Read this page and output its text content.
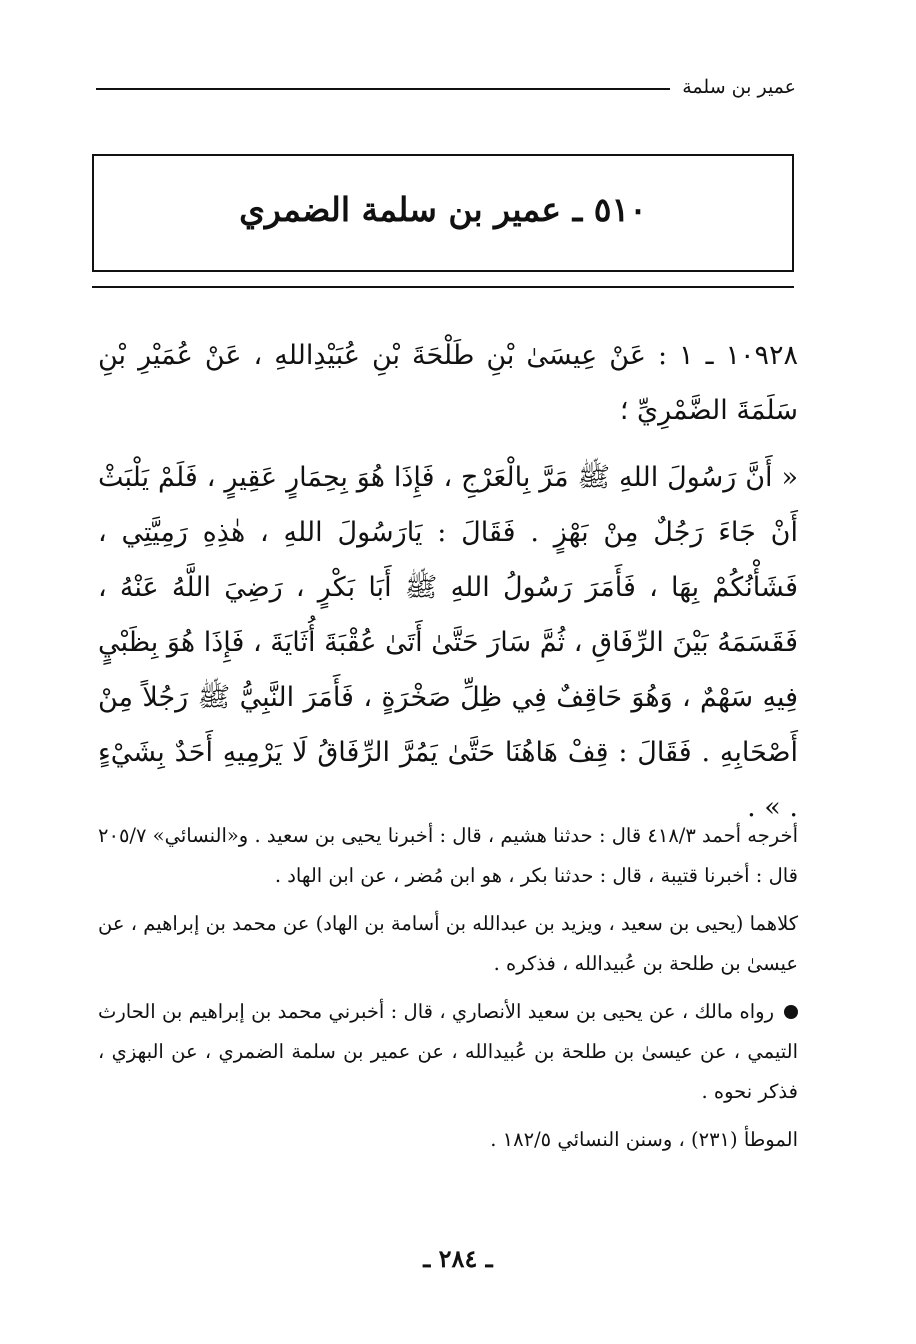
عمير بن سلمة
٥١٠ ـ عمير بن سلمة الضمري

١٠٩٢٨ ـ ١ : عَنْ عِيسَىٰ بْنِ طَلْحَةَ بْنِ عُبَيْدِاللهِ ، عَنْ عُمَيْرِ بْنِ سَلَمَةَ الضَّمْرِيِّ ؛

« أَنَّ رَسُولَ اللهِ ﷺ مَرَّ بِالْعَرْجِ ، فَإِذَا هُوَ بِحِمَارٍ عَقِيرٍ ، فَلَمْ يَلْبَثْ أَنْ جَاءَ رَجُلٌ مِنْ بَهْزٍ . فَقَالَ : يَارَسُولَ اللهِ ، هٰذِهِ رَمِيَّتِي ، فَشَأْنُكُمْ بِهَا ، فَأَمَرَ رَسُولُ اللهِ ﷺ أَبَا بَكْرٍ ، رَضِيَ اللَّهُ عَنْهُ ، فَقَسَمَهُ بَيْنَ الرِّفَاقِ ، ثُمَّ سَارَ حَتَّىٰ أَتَىٰ عُقْبَةَ أُثَايَةَ ، فَإِذَا هُوَ بِظَبْيٍ فِيهِ سَهْمٌ ، وَهُوَ حَاقِفٌ فِي ظِلِّ صَخْرَةٍ ، فَأَمَرَ النَّبِيُّ ﷺ رَجُلاً مِنْ أَصْحَابِهِ . فَقَالَ : قِفْ هَاهُنَا حَتَّىٰ يَمُرَّ الرِّفَاقُ لَا يَرْمِيهِ أَحَدٌ بِشَيْءٍ . » .

أخرجه أحمد ٤١٨/٣ قال : حدثنا هشيم ، قال : أخبرنا يحيى بن سعيد . و«النسائي» ٢٠٥/٧ قال : أخبرنا قتيبة ، قال : حدثنا بكر ، هو ابن مُضر ، عن ابن الهاد .

كلاهما (يحيى بن سعيد ، ويزيد بن عبدالله بن أسامة بن الهاد) عن محمد بن إبراهيم ، عن عيسىٰ بن طلحة بن عُبيدالله ، فذكره .

رواه مالك ، عن يحيى بن سعيد الأنصاري ، قال : أخبرني محمد بن إبراهيم بن الحارث التيمي ، عن عيسىٰ بن طلحة بن عُبيدالله ، عن عمير بن سلمة الضمري ، عن البهزي ، فذكر نحوه .

الموطأ (٢٣١) ، وسنن النسائي ١٨٢/٥ .

ـ ٢٨٤ ـ
